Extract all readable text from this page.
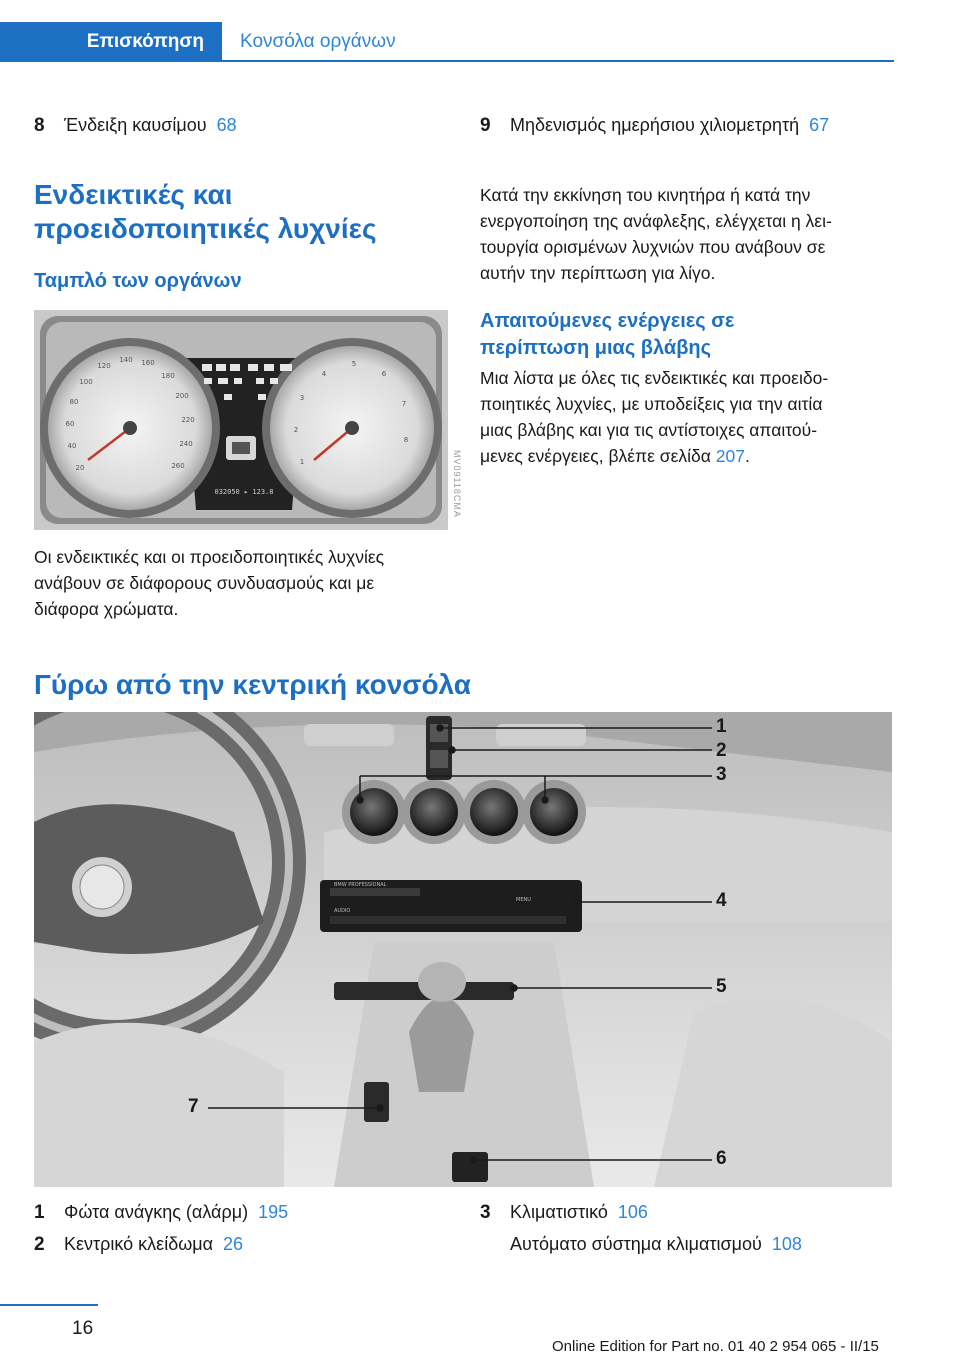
Επισκόπηση	Κονσόλα οργάνων
8	Ένδειξη καυσίμου 68	9	Μηδενισμός ημερήσιου χιλιομετρητή 67
Ενδεικτικές και
προειδοποιητικές λυχνίες
Ταμπλό των οργάνων
20
40
60
80
100
120
140 160
180
200
220
240
260	1
2
3
4
5
6
7
8
032050 ▸ 123.8	MV09118CMA
Οι ενδεικτικές και οι προειδοποιητικές λυχνίες
ανάβουν σε διάφορους συνδυασμούς και με
διάφορα χρώματα.
Κατά την εκκίνηση του κινητήρα ή κατά την
ενεργοποίηση της ανάφλεξης, ελέγχεται η λει‐
τουργία ορισμένων λυχνιών που ανάβουν σε
αυτήν την περίπτωση για λίγο.
Απαιτούμενες ενέργειες σε
περίπτωση μιας βλάβης
Μια λίστα με όλες τις ενδεικτικές και προειδο‐
ποιητικές λυχνίες, με υποδείξεις για την αιτία
μιας βλάβης και για τις αντίστοιχες απαιτού‐
μενες ενέργειες, βλέπε σελίδα 207.
Γύρω από την κεντρική κονσόλα
BMW PROFESSIONAL
AUDIO
MENU
1
2
3
4
5
6
7
1	Φώτα ανάγκης (αλάρμ) 195
2	Κεντρικό κλείδωμα 26
3	Κλιματιστικό 106
Αυτόματο σύστημα κλιματισμού 108
16
Online Edition for Part no. 01 40 2 954 065 - II/15
